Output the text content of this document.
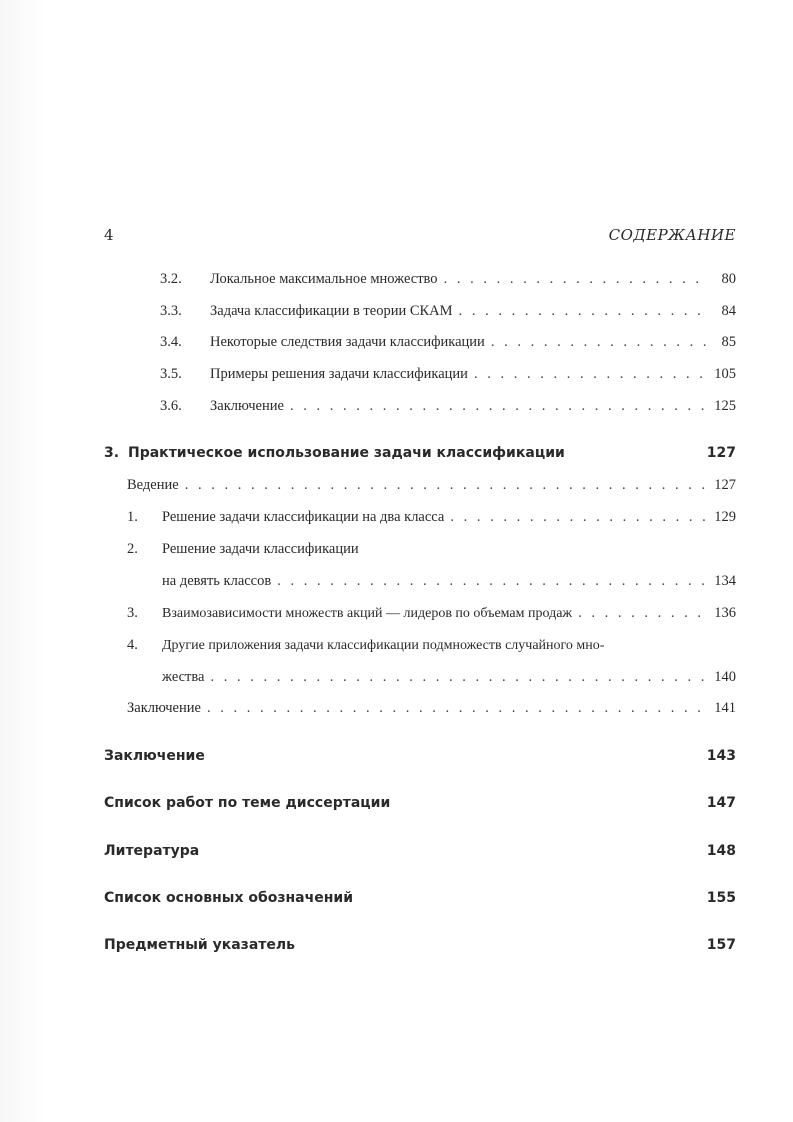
4	СОДЕРЖАНИЕ
3.2.	Локальное максимальное множество . . .	80
3.3.	Задача классификации в теории СКАМ . . .	84
3.4.	Некоторые следствия задачи классификации . . .	85
3.5.	Примеры решения задачи классификации . . .	105
3.6.	Заключение . . .	125
3. Практическое использование задачи классификации	127
Ведение . . .	127
1.	Решение задачи классификации на два класса . . .	129
2.	Решение задачи классификации
на девять классов . . .	134
3.	Взаимозависимости множеств акций — лидеров по объемам продаж . . .	136
4.	Другие приложения задачи классификации подмножеств случайного мно-
жества . . .	140
Заключение . . .	141
Заключение	143
Список работ по теме диссертации	147
Литература	148
Список основных обозначений	155
Предметный указатель	157
